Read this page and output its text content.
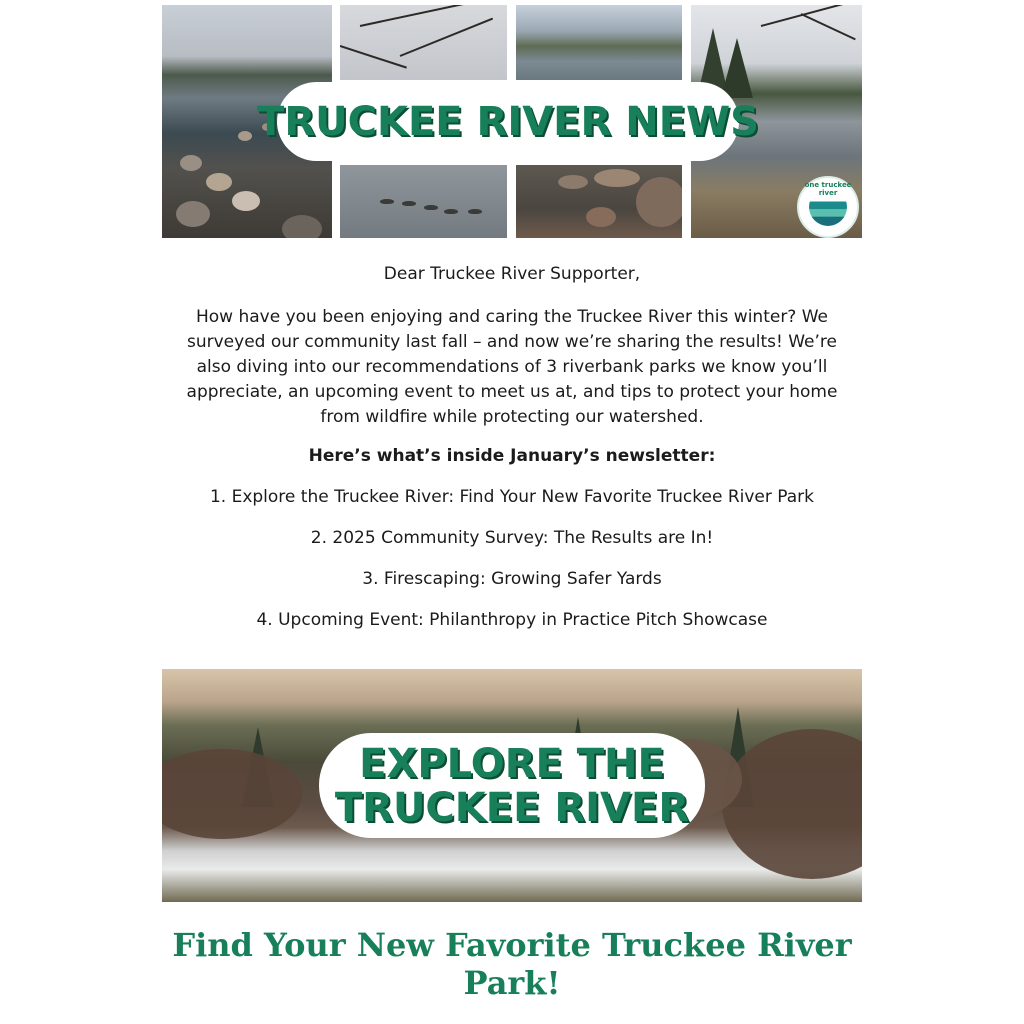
TRUCKEE RIVER NEWS
one truckee river
Dear Truckee River Supporter,
How have you been enjoying and caring the Truckee River this winter? We surveyed our community last fall – and now we’re sharing the results! We’re also diving into our recommendations of 3 riverbank parks we know you’ll appreciate, an upcoming event to meet us at, and tips to protect your home from wildfire while protecting our watershed.
Here’s what’s inside January’s newsletter:
1. Explore the Truckee River: Find Your New Favorite Truckee River Park
2. 2025 Community Survey: The Results are In!
3. Firescaping: Growing Safer Yards
4. Upcoming Event: Philanthropy in Practice Pitch Showcase
EXPLORE THE
TRUCKEE RIVER
Find Your New Favorite Truckee River Park!
